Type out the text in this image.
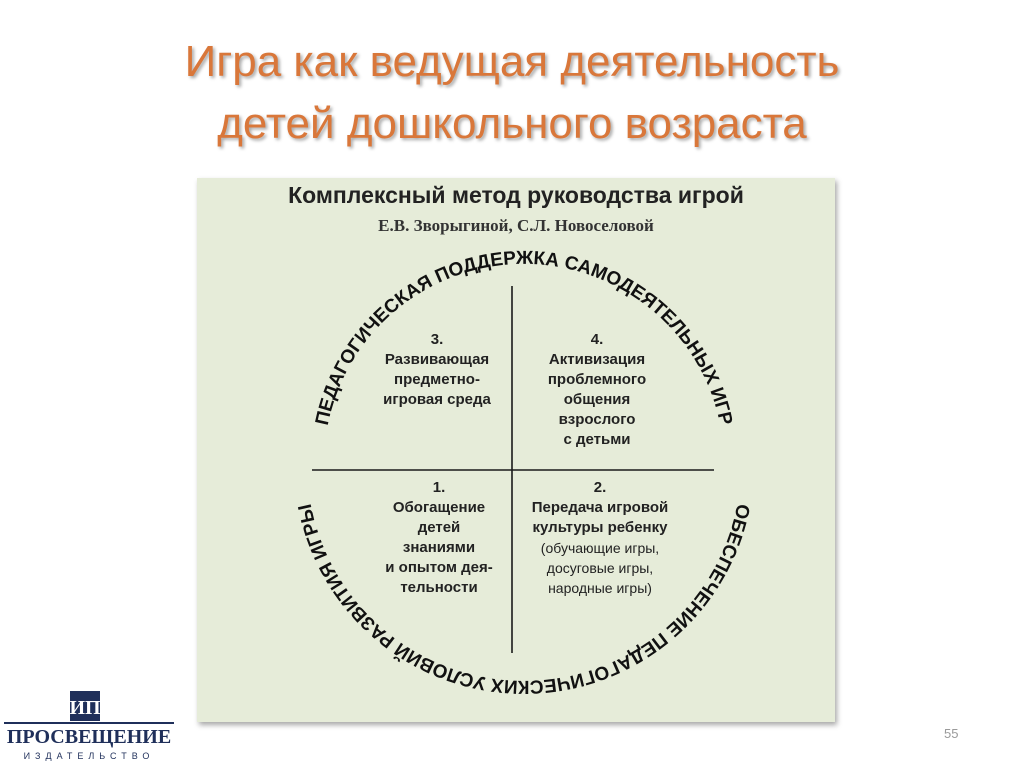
Игра как ведущая деятельность
детей дошкольного возраста
Комплексный метод руководства игрой
Е.В. Зворыгиной, С.Л. Новоселовой
ПЕДАГОГИЧЕСКАЯ ПОДДЕРЖКА САМОДЕЯТЕЛЬНЫХ ИГР
ОБЕСПЕЧЕНИЕ ПЕДАГОГИЧЕСКИХ УСЛОВИЙ РАЗВИТИЯ ИГРЫ
3.
Развивающая
предметно-
игровая среда
4.
Активизация
проблемного
общения
взрослого
с детьми
1.
Обогащение
детей
знаниями
и опытом дея-
тельности
2.
Передача игровой
культуры ребенку
(обучающие игры,
досуговые игры,
народные игры)
55
ИП
ПРОСВЕЩЕНИЕ
ИЗДАТЕЛЬСТВО
